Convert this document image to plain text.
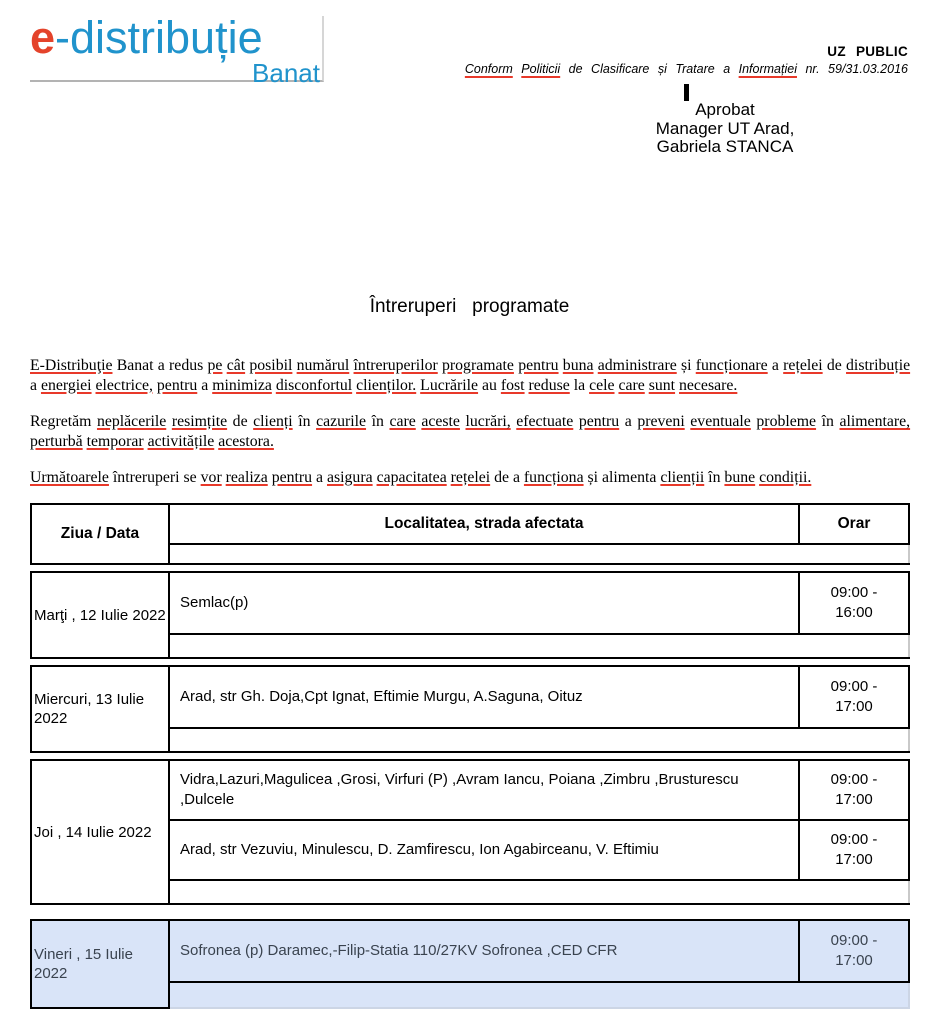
e-distribuție
Banat
UZ PUBLIC
Conform Politicii de Clasificare și Tratare a Informației nr. 59/31.03.2016
Aprobat
Manager UT Arad,
Gabriela STANCA
Întreruperi   programate
E-Distribuţie Banat a redus pe cât posibil numărul întreruperilor programate pentru buna administrare și funcționare a rețelei de distribuție a energiei electrice, pentru a minimiza disconfortul clienților. Lucrările au fost reduse la cele care sunt necesare.
Regretăm neplăcerile resimțite de clienți în cazurile în care aceste lucrări, efectuate pentru a preveni eventuale probleme în alimentare, perturbă temporar activitățile acestora.
Următoarele întreruperi se vor realiza pentru a asigura capacitatea rețelei de a funcționa și alimenta clienții în bune condiții.
Ziua / Data	Localitatea, strada afectata	Orar

Marţi , 12 Iulie 2022	Semlac(p)	09:00 - 16:00

Miercuri, 13 Iulie 2022	Arad, str Gh. Doja,Cpt Ignat, Eftimie Murgu, A.Saguna, Oituz	09:00 - 17:00

Joi , 14 Iulie 2022	Vidra,Lazuri,Magulicea ,Grosi, Virfuri (P) ,Avram Iancu, Poiana ,Zimbru ,Brusturescu ,Dulcele	09:00 - 17:00
	Arad, str Vezuviu, Minulescu, D. Zamfirescu, Ion Agabirceanu, V. Eftimiu	09:00 - 17:00

Vineri , 15 Iulie 2022	Sofronea (p) Daramec,-Filip-Statia 110/27KV Sofronea ,CED CFR	09:00 - 17:00
